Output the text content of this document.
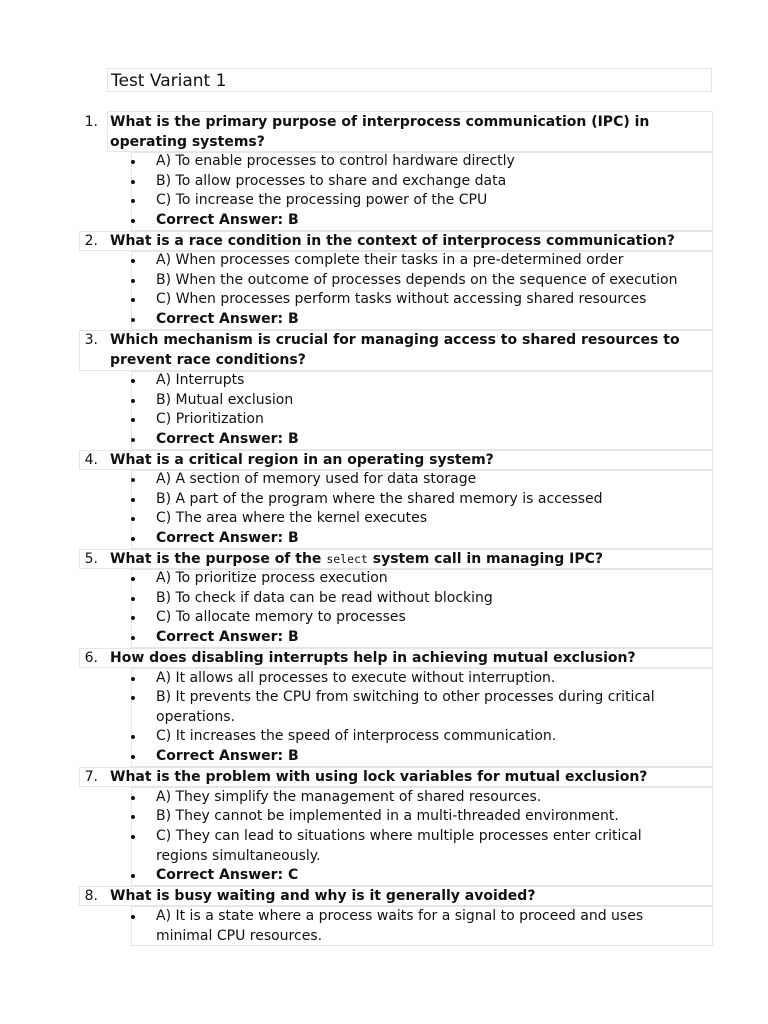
Test Variant 1
1. What is the primary purpose of interprocess communication (IPC) in operating systems?
A) To enable processes to control hardware directly
B) To allow processes to share and exchange data
C) To increase the processing power of the CPU
Correct Answer: B
2. What is a race condition in the context of interprocess communication?
A) When processes complete their tasks in a pre-determined order
B) When the outcome of processes depends on the sequence of execution
C) When processes perform tasks without accessing shared resources
Correct Answer: B
3. Which mechanism is crucial for managing access to shared resources to prevent race conditions?
A) Interrupts
B) Mutual exclusion
C) Prioritization
Correct Answer: B
4. What is a critical region in an operating system?
A) A section of memory used for data storage
B) A part of the program where the shared memory is accessed
C) The area where the kernel executes
Correct Answer: B
5. What is the purpose of the select system call in managing IPC?
A) To prioritize process execution
B) To check if data can be read without blocking
C) To allocate memory to processes
Correct Answer: B
6. How does disabling interrupts help in achieving mutual exclusion?
A) It allows all processes to execute without interruption.
B) It prevents the CPU from switching to other processes during critical operations.
C) It increases the speed of interprocess communication.
Correct Answer: B
7. What is the problem with using lock variables for mutual exclusion?
A) They simplify the management of shared resources.
B) They cannot be implemented in a multi-threaded environment.
C) They can lead to situations where multiple processes enter critical regions simultaneously.
Correct Answer: C
8. What is busy waiting and why is it generally avoided?
A) It is a state where a process waits for a signal to proceed and uses minimal CPU resources.
